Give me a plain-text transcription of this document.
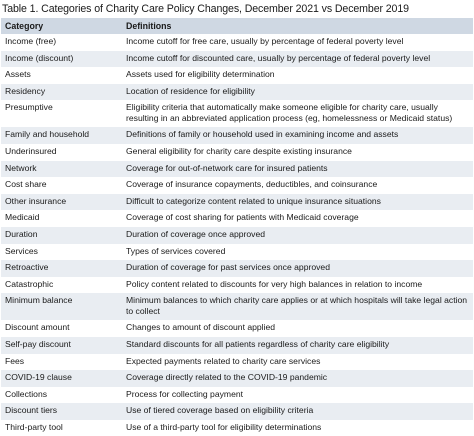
Table 1. Categories of Charity Care Policy Changes, December 2021 vs December 2019
Category	Definitions
Income (free)	Income cutoff for free care, usually by percentage of federal poverty level
Income (discount)	Income cutoff for discounted care, usually by percentage of federal poverty level
Assets	Assets used for eligibility determination
Residency	Location of residence for eligibility
Presumptive	Eligibility criteria that automatically make someone eligible for charity care, usually resulting in an abbreviated application process (eg, homelessness or Medicaid status)
Family and household	Definitions of family or household used in examining income and assets
Underinsured	General eligibility for charity care despite existing insurance
Network	Coverage for out-of-network care for insured patients
Cost share	Coverage of insurance copayments, deductibles, and coinsurance
Other insurance	Difficult to categorize content related to unique insurance situations
Medicaid	Coverage of cost sharing for patients with Medicaid coverage
Duration	Duration of coverage once approved
Services	Types of services covered
Retroactive	Duration of coverage for past services once approved
Catastrophic	Policy content related to discounts for very high balances in relation to income
Minimum balance	Minimum balances to which charity care applies or at which hospitals will take legal action to collect
Discount amount	Changes to amount of discount applied
Self-pay discount	Standard discounts for all patients regardless of charity care eligibility
Fees	Expected payments related to charity care services
COVID-19 clause	Coverage directly related to the COVID-19 pandemic
Collections	Process for collecting payment
Discount tiers	Use of tiered coverage based on eligibility criteria
Third-party tool	Use of a third-party tool for eligibility determinations
